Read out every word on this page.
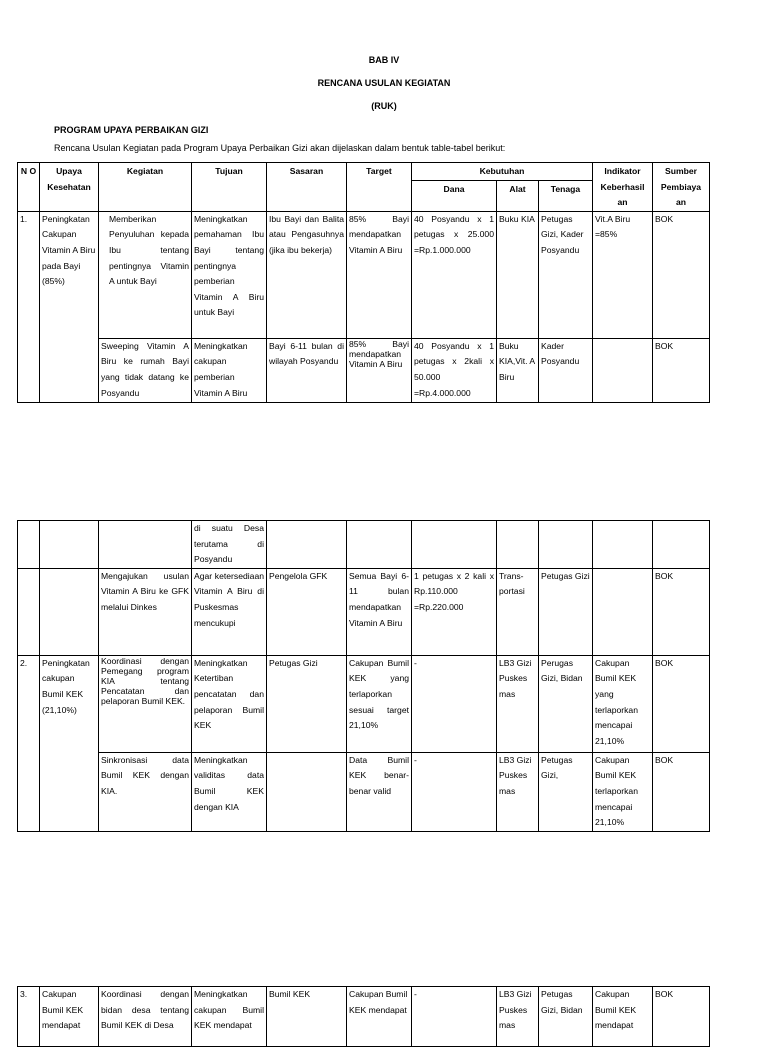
BAB IV
RENCANA USULAN KEGIATAN
(RUK)
PROGRAM UPAYA PERBAIKAN GIZI
Rencana Usulan Kegiatan pada Program Upaya Perbaikan Gizi akan dijelaskan dalam bentuk table-tabel berikut:
N O	Upaya Kesehatan	Kegiatan	Tujuan	Sasaran	Target	Kebutuhan			Indikator Keberhasil an	Sumber Pembiaya an
						Dana	Alat	Tenaga		
1.	Peningkatan Cakupan Vitamin A Biru pada Bayi (85%)	Memberikan Penyuluhan kepada Ibu tentang pentingnya Vitamin A untuk Bayi	Meningkatkan pemahaman Ibu Bayi tentang pentingnya pemberian Vitamin A Biru untuk Bayi	Ibu Bayi dan Balita atau Pengasuhnya (jika ibu bekerja)	85% Bayi mendapatkan Vitamin A Biru	40 Posyandu x 1 petugas x 25.000 =Rp.1.000.000	Buku KIA	Petugas Gizi, Kader Posyandu	Vit.A Biru =85%	BOK
		Sweeping Vitamin A Biru ke rumah Bayi yang tidak datang ke Posyandu	Meningkatkan cakupan pemberian Vitamin A Biru	Bayi 6-11 bulan di wilayah Posyandu	85% Bayi mendapatkan Vitamin A Biru	40 Posyandu x 1 petugas x 2kali x 50.000 =Rp.4.000.000	Buku KIA,Vit. A Biru	Kader Posyandu		BOK
			di suatu Desa terutama di Posyandu							
		Mengajukan usulan Vitamin A Biru ke GFK melalui Dinkes	Agar ketersediaan Vitamin A Biru di Puskesmas mencukupi	Pengelola GFK	Semua Bayi 6-11 bulan mendapatkan Vitamin A Biru	1 petugas x 2 kali x Rp.110.000 =Rp.220.000	Trans- portasi	Petugas Gizi		BOK
2.	Peningkatan cakupan Bumil KEK (21,10%)	Koordinasi dengan Pemegang program KIA tentang Pencatatan dan pelaporan Bumil KEK.	Meningkatkan Ketertiban pencatatan dan pelaporan Bumil KEK	Petugas Gizi	Cakupan Bumil KEK yang terlaporkan sesuai target 21,10%	-	LB3 Gizi Puskes mas	Perugas Gizi, Bidan	Cakupan Bumil KEK yang terlaporkan mencapai 21,10%	BOK
		Sinkronisasi data Bumil KEK dengan KIA.	Meningkatkan validitas data Bumil KEK dengan KIA		Data Bumil KEK benar- benar valid	-	LB3 Gizi Puskes mas	Petugas Gizi,	Cakupan Bumil KEK terlaporkan mencapai 21,10%	BOK
3.	Cakupan Bumil KEK mendapat	Koordinasi dengan bidan desa tentang Bumil KEK di Desa	Meningkatkan cakupan Bumil KEK mendapat	Bumil KEK	Cakupan Bumil KEK mendapat	-	LB3 Gizi Puskes mas	Petugas Gizi, Bidan	Cakupan Bumil KEK mendapat	BOK
